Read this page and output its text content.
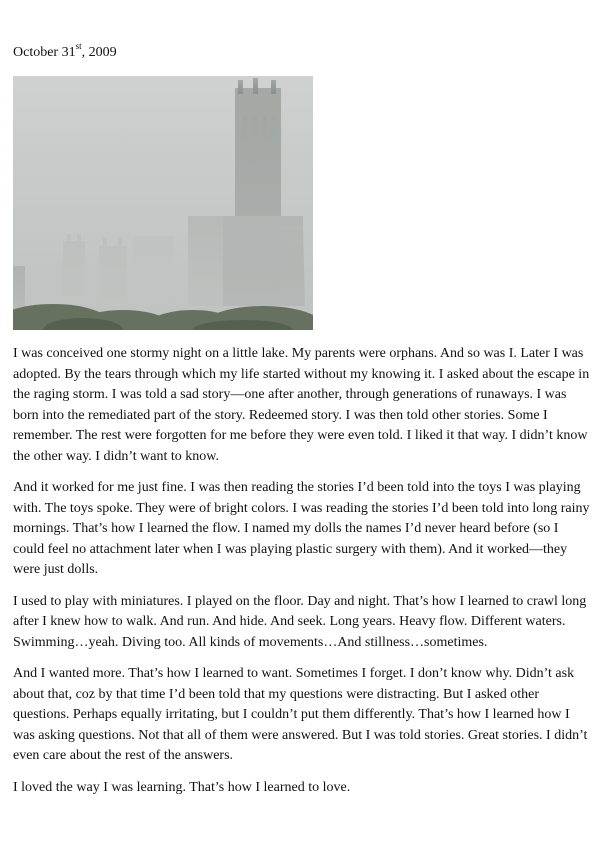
October 31st, 2009

I was conceived one stormy night on a little lake. My parents were orphans. And so was I. Later I was adopted. By the tears through which my life started without my knowing it. I asked about the escape in the raging storm. I was told a sad story—one after another, through generations of runaways. I was born into the remediated part of the story. Redeemed story. I was then told other stories. Some I remember. The rest were forgotten for me before they were even told. I liked it that way. I didn’t know the other way. I didn’t want to know.

And it worked for me just fine. I was then reading the stories I’d been told into the toys I was playing with. The toys spoke. They were of bright colors. I was reading the stories I’d been told into long rainy mornings. That’s how I learned the flow. I named my dolls the names I’d never heard before (so I could feel no attachment later when I was playing plastic surgery with them). And it worked—they were just dolls.

I used to play with miniatures. I played on the floor. Day and night. That’s how I learned to crawl long after I knew how to walk. And run. And hide. And seek. Long years. Heavy flow. Different waters. Swimming…yeah. Diving too. All kinds of movements…And stillness…sometimes.

And I wanted more. That’s how I learned to want. Sometimes I forget. I don’t know why. Didn’t ask about that, coz by that time I’d been told that my questions were distracting. But I asked other questions. Perhaps equally irritating, but I couldn’t put them differently. That’s how I learned how I was asking questions. Not that all of them were answered. But I was told stories. Great stories. I didn’t even care about the rest of the answers.

I loved the way I was learning. That’s how I learned to love.
